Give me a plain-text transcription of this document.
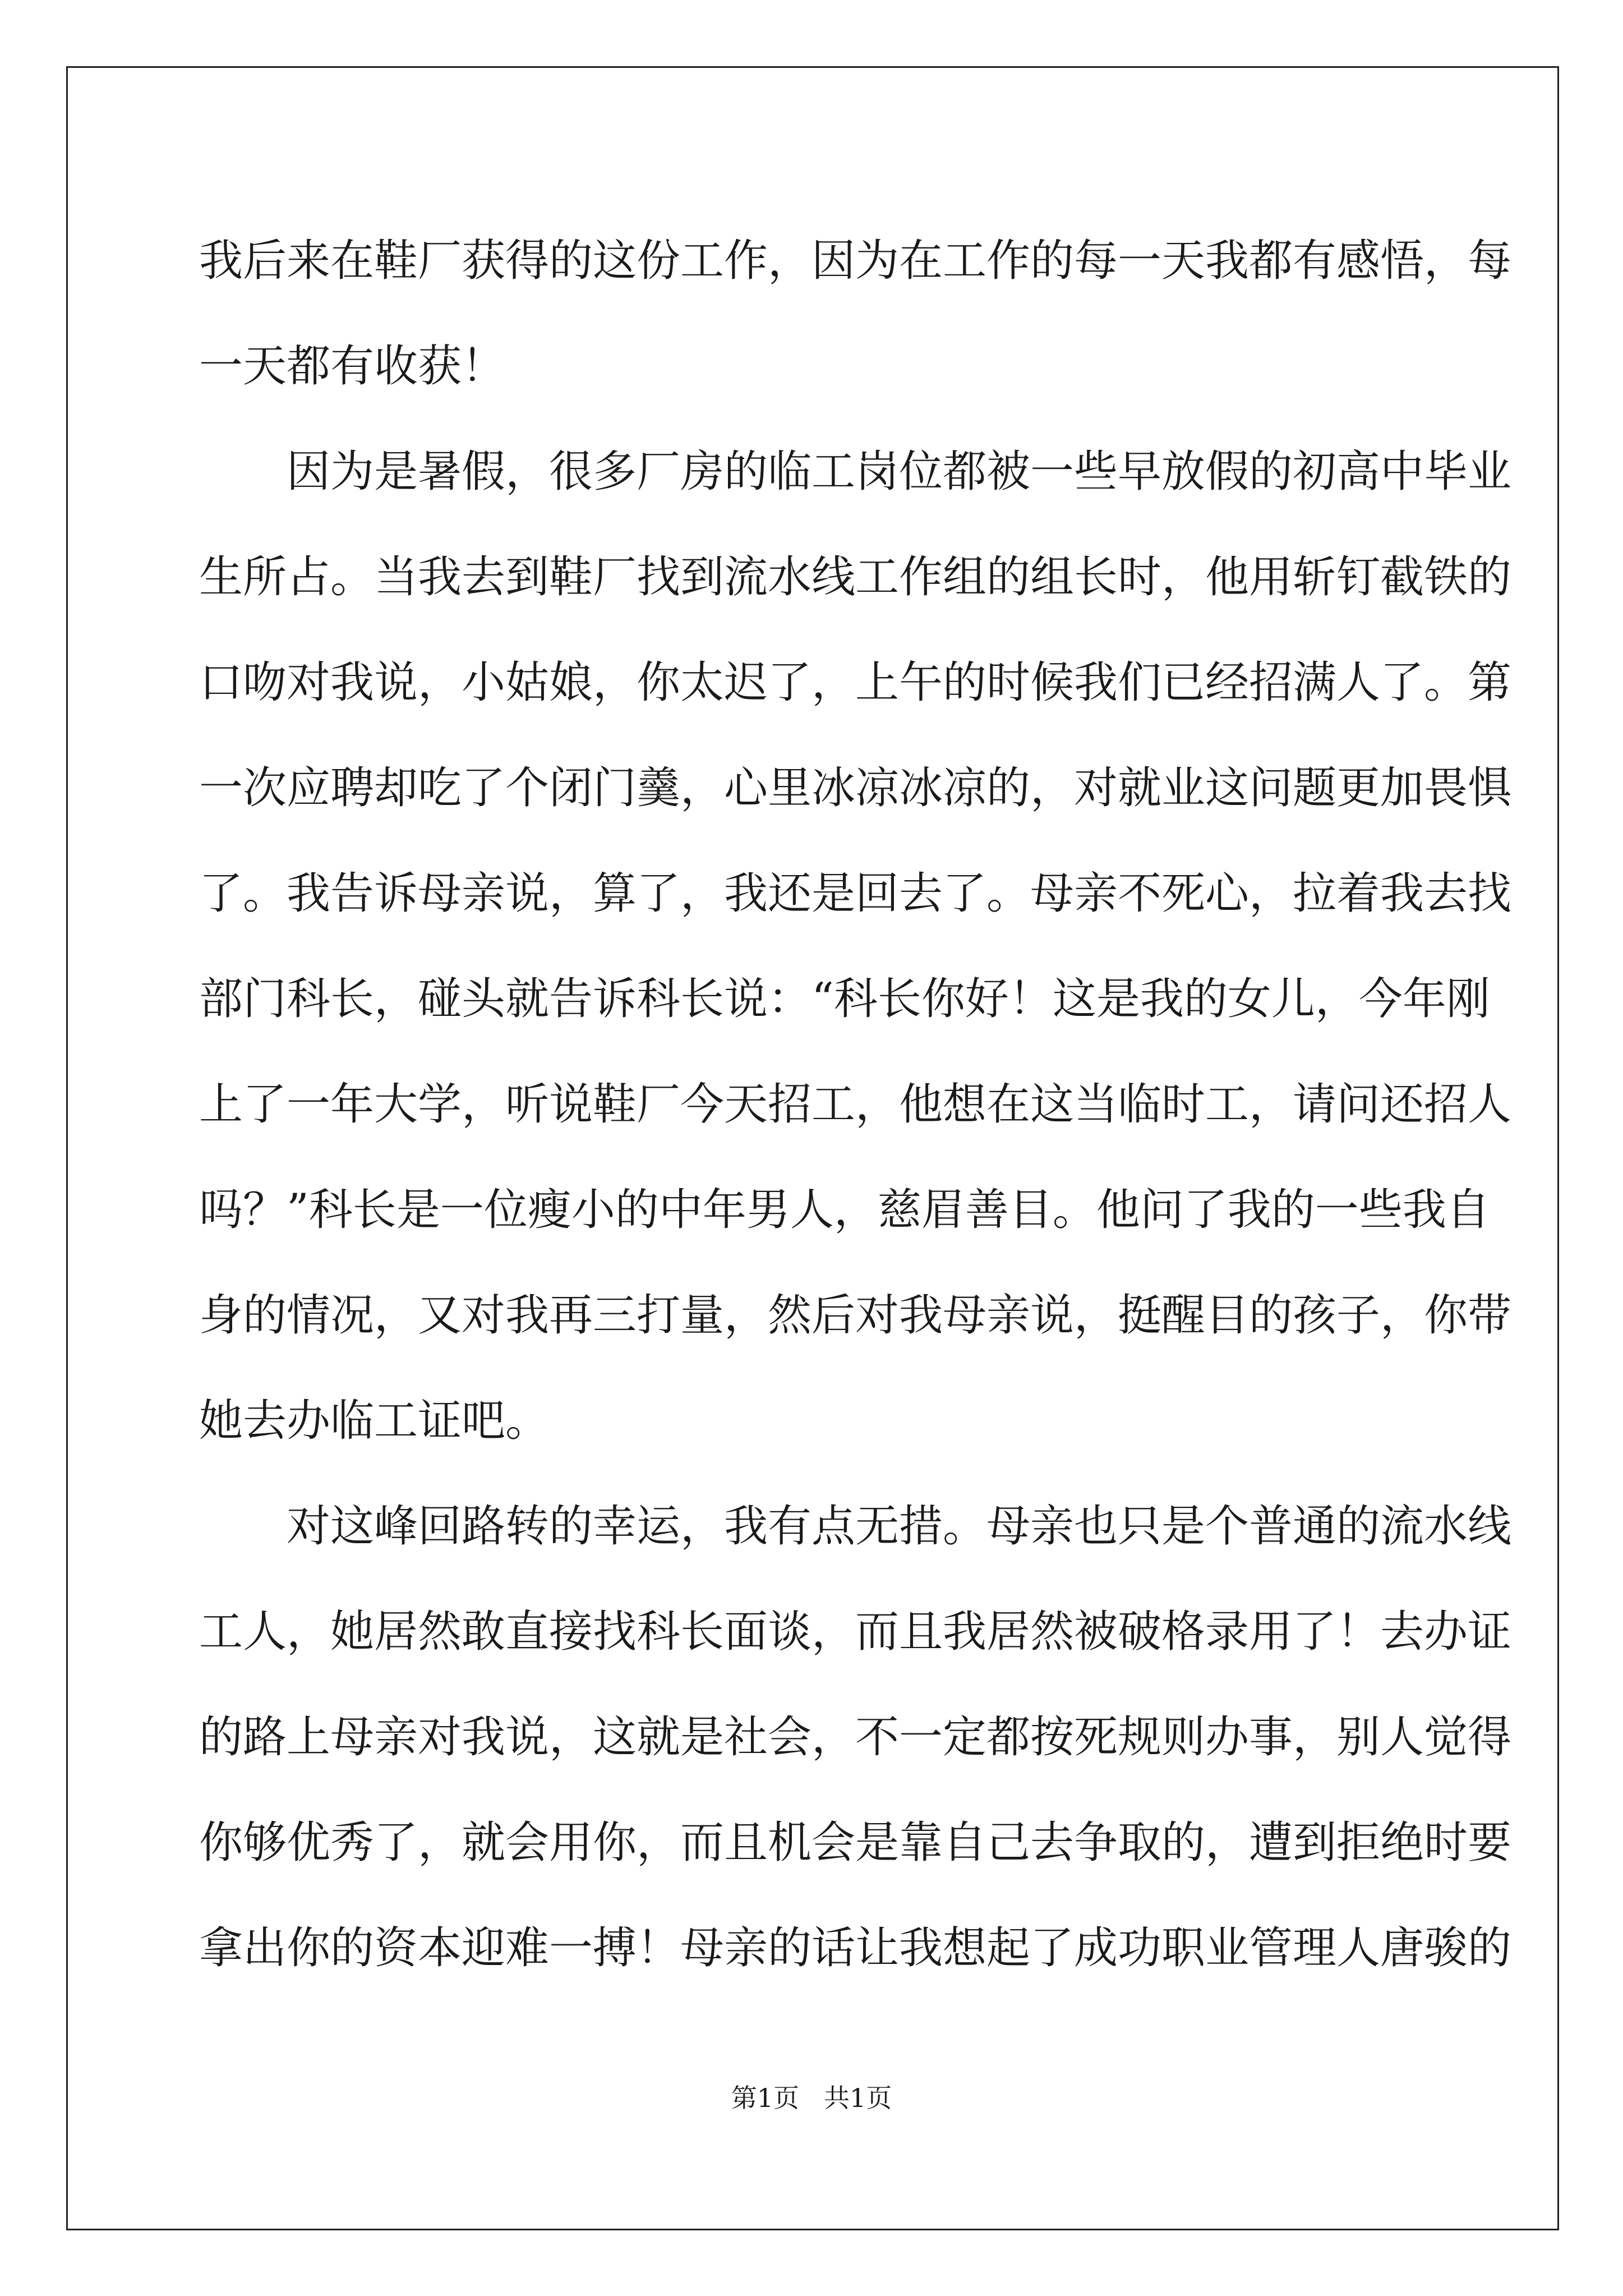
我后来在鞋厂获得的这份工作，因为在工作的每一天我都有感悟，每
一天都有收获！
因为是暑假，很多厂房的临工岗位都被一些早放假的初高中毕业
生所占。当我去到鞋厂找到流水线工作组的组长时，他用斩钉截铁的
口吻对我说，小姑娘，你太迟了，上午的时候我们已经招满人了。第
一次应聘却吃了个闭门羹，心里冰凉冰凉的，对就业这问题更加畏惧
了。我告诉母亲说，算了，我还是回去了。母亲不死心，拉着我去找
部门科长，碰头就告诉科长说：“科长你好！这是我的女儿，今年刚
上了一年大学，听说鞋厂今天招工，他想在这当临时工，请问还招人
吗？”科长是一位瘦小的中年男人，慈眉善目。他问了我的一些我自
身的情况，又对我再三打量，然后对我母亲说，挺醒目的孩子，你带
她去办临工证吧。
对这峰回路转的幸运，我有点无措。母亲也只是个普通的流水线
工人，她居然敢直接找科长面谈，而且我居然被破格录用了！去办证
的路上母亲对我说，这就是社会，不一定都按死规则办事，别人觉得
你够优秀了，就会用你，而且机会是靠自己去争取的，遭到拒绝时要
拿出你的资本迎难一搏！母亲的话让我想起了成功职业管理人唐骏的
第1页 共1页
